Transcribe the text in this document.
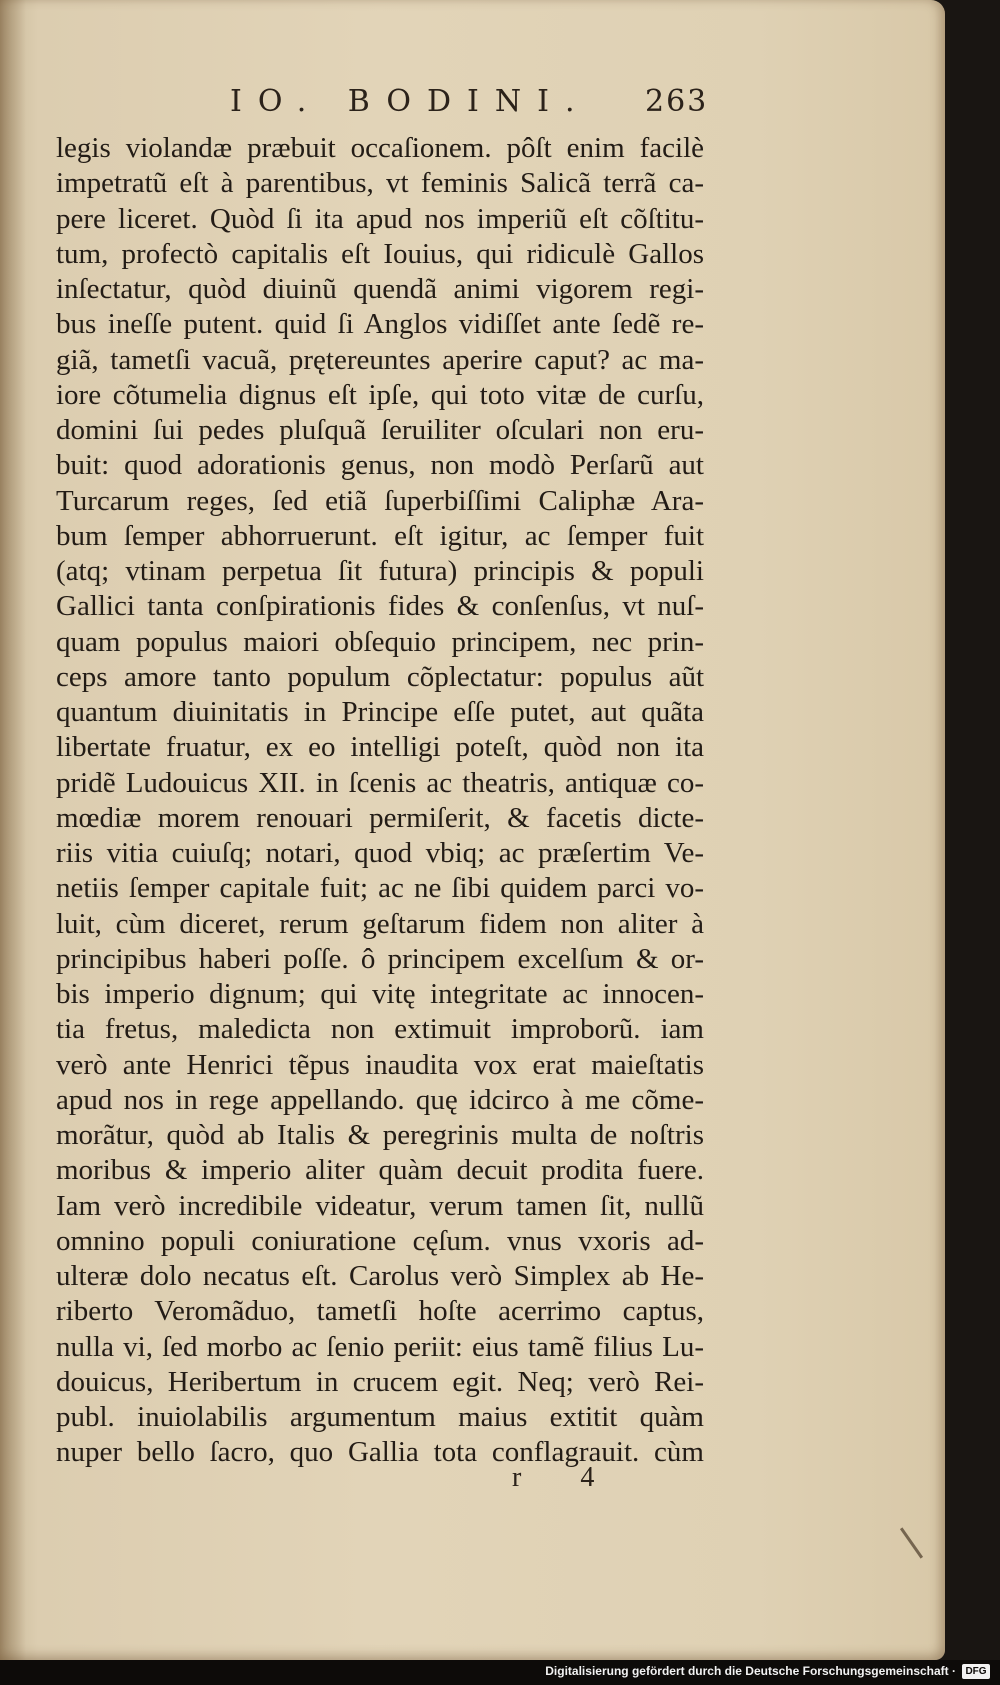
IO. BODINI.	263
legis violandæ præbuit occaſionem. pôſt enim facilè
impetratũ eſt à parentibus, vt feminis Salicã terrã ca-
pere liceret. Quòd ſi ita apud nos imperiũ eſt cõſtitu-
tum, profectò capitalis eſt Iouius, qui ridiculè Gallos
inſectatur, quòd diuinũ quendã animi vigorem regi-
bus ineſſe putent. quid ſi Anglos vidiſſet ante ſedẽ re-
giã, tametſi vacuã, prętereuntes aperire caput? ac ma-
iore cõtumelia dignus eſt ipſe, qui toto vitæ de curſu,
domini ſui pedes pluſquã ſeruiliter oſculari non eru-
buit: quod adorationis genus, non modò Perſarũ aut
Turcarum reges, ſed etiã ſuperbiſſimi Caliphæ Ara-
bum ſemper abhorruerunt. eſt igitur, ac ſemper fuit
(atq; vtinam perpetua ſit futura) principis & populi
Gallici tanta conſpirationis fides & conſenſus, vt nuſ-
quam populus maiori obſequio principem, nec prin-
ceps amore tanto populum cõplectatur: populus aũt
quantum diuinitatis in Principe eſſe putet, aut quãta
libertate fruatur, ex eo intelligi poteſt, quòd non ita
pridẽ Ludouicus XII. in ſcenis ac theatris, antiquæ co-
mœdiæ morem renouari permiſerit, & facetis dicte-
riis vitia cuiuſq; notari, quod vbiq; ac præſertim Ve-
netiis ſemper capitale fuit; ac ne ſibi quidem parci vo-
luit, cùm diceret, rerum geſtarum fidem non aliter à
principibus haberi poſſe. ô principem excelſum & or-
bis imperio dignum; qui vitę integritate ac innocen-
tia fretus, maledicta non extimuit improborũ. iam
verò ante Henrici tẽpus inaudita vox erat maieſtatis
apud nos in rege appellando. quę idcirco à me cõme-
morãtur, quòd ab Italis & peregrinis multa de noſtris
moribus & imperio aliter quàm decuit prodita fuere.
Iam verò incredibile videatur, verum tamen ſit, nullũ
omnino populi coniuratione cęſum. vnus vxoris ad-
ulteræ dolo necatus eſt. Carolus verò Simplex ab He-
riberto Veromãduo, tametſi hoſte acerrimo captus,
nulla vi, ſed morbo ac ſenio periit: eius tamẽ filius Lu-
douicus, Heribertum in crucem egit. Neq; verò Rei-
publ. inuiolabilis argumentum maius extitit quàm
nuper bello ſacro, quo Gallia tota conflagrauit. cùm
r 4
Digitalisierung gefördert durch die Deutsche Forschungsgemeinschaft · DFG
